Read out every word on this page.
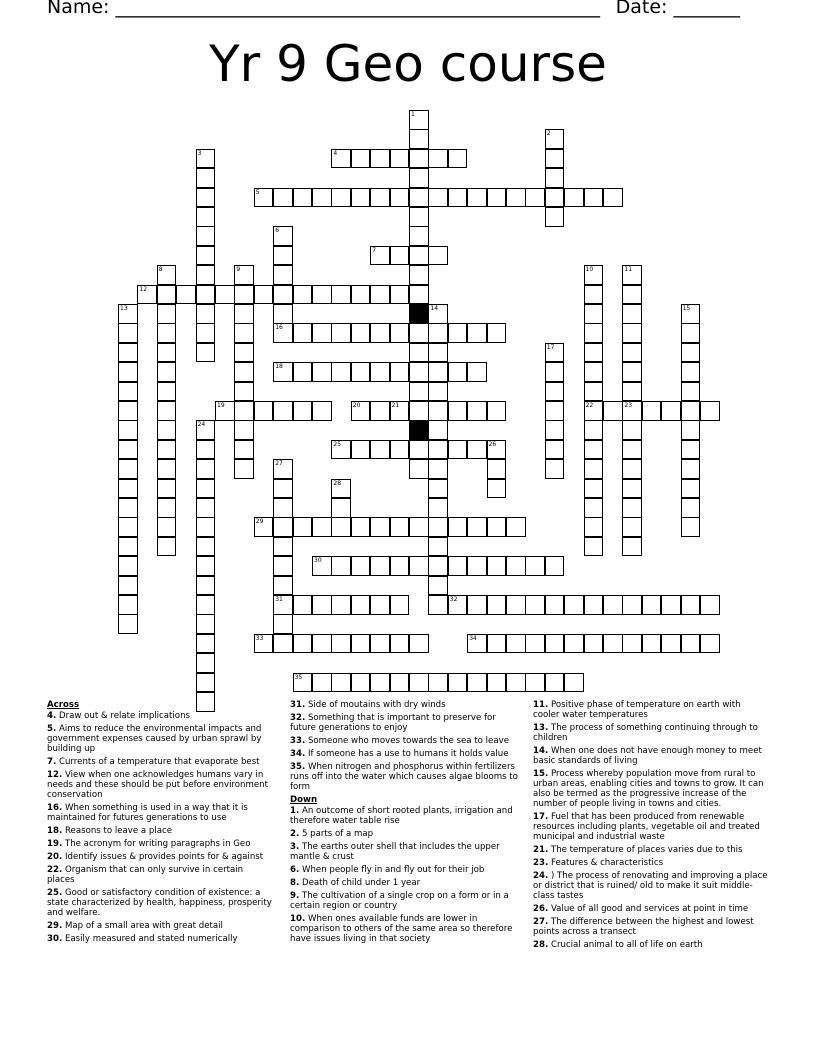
Name: ___________________________________________________ Date: _______
Yr 9 Geo course
4
5
7
12
16
18
19	20	21	22	23
25	26
29
30
31	32
33	34
35
1
2
3
6
8	9	10	11
13	14	15
17
24
27
28
Across
4. Draw out & relate implications
5. Aims to reduce the environmental impacts and government expenses caused by urban sprawl by building up
7. Currents of a temperature that evaporate best
12. View when one acknowledges humans vary in needs and these should be put before environment conservation
16. When something is used in a way that it is maintained for futures generations to use
18. Reasons to leave a place
19. The acronym for writing paragraphs in Geo
20. Identify issues & provides points for & against
22. Organism that can only survive in certain places
25. Good or satisfactory condition of existence: a state characterized by health, happiness, prosperity and welfare.
29. Map of a small area with great detail
30. Easily measured and stated numerically
31. Side of moutains with dry winds
32. Something that is important to preserve for future generations to enjoy
33. Someone who moves towards the sea to leave
34. If someone has a use to humans it holds value
35. When nitrogen and phosphorus within fertilizers runs off into the water which causes algae blooms to form
Down
1. An outcome of short rooted plants, irrigation and therefore water table rise
2. 5 parts of a map
3. The earths outer shell that includes the upper mantle & crust
6. When people fly in and fly out for their job
8. Death of child under 1 year
9. The cultivation of a single crop on a form or in a certain region or country
10. When ones available funds are lower in comparison to others of the same area so therefore have issues living in that society
11. Positive phase of temperature on earth with cooler water temperatures
13. The process of something continuing through to children
14. When one does not have enough money to meet basic standards of living
15. Process whereby population move from rural to urban areas, enabling cities and towns to grow. It can also be termed as the progressive increase of the number of people living in towns and cities.
17. Fuel that has been produced from renewable resources including plants, vegetable oil and treated municipal and industrial waste
21. The temperature of places varies due to this
23. Features & characteristics
24. ) The process of renovating and improving a place or district that is ruined/ old to make it suit middle-class tastes
26. Value of all good and services at point in time
27. The difference between the highest and lowest points across a transect
28. Crucial animal to all of life on earth
